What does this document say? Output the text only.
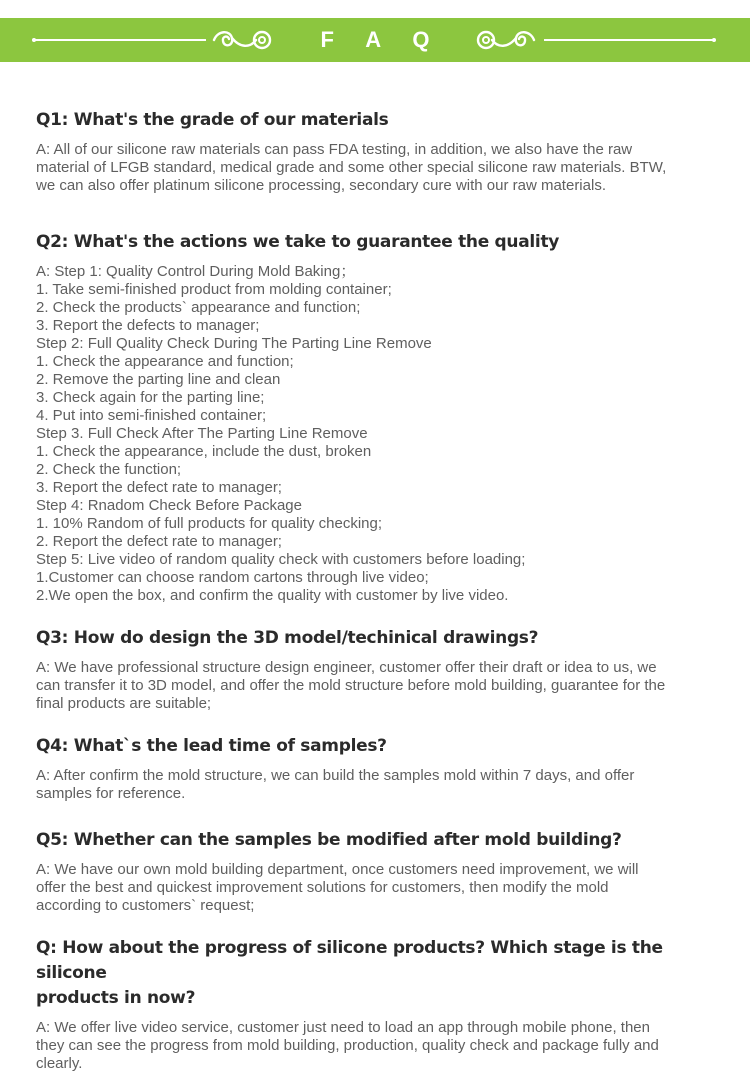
F A Q
Q1: What's the grade of our materials
A: All of our silicone raw materials can pass FDA testing, in addition, we also have the raw
material of LFGB standard, medical grade and some other special silicone raw materials. BTW,
we can also offer platinum silicone processing, secondary cure with our raw materials.
Q2: What's the actions we take to guarantee the quality
A: Step 1: Quality Control During Mold Baking；
1. Take semi-finished product from molding container;
2. Check the products` appearance and function;
3. Report the defects to manager;
Step 2: Full Quality Check During The Parting Line Remove
1. Check the appearance and function;
2. Remove the parting line and clean
3. Check again for the parting line;
4. Put into semi-finished container;
Step 3. Full Check After The Parting Line Remove
1. Check the appearance, include the dust, broken
2. Check the function;
3. Report the defect rate to manager;
Step 4: Rnadom Check Before Package
1. 10% Random of full products for quality checking;
2. Report the defect rate to manager;
Step 5: Live video of random quality check with customers before loading;
1.Customer can choose random cartons through live video;
2.We open the box, and confirm the quality with customer by live video.
Q3: How do design the 3D model/techinical drawings?
A: We have professional structure design engineer, customer offer their draft or idea to us, we
can transfer it to 3D model, and offer the mold structure before mold building, guarantee for the
final products are suitable;
Q4: What`s the lead time of samples?
A: After confirm the mold structure, we can build the samples mold within 7 days, and offer
samples for reference.
Q5: Whether can the samples be modified after mold building?
A: We have our own mold building department, once customers need improvement, we will
offer the best and quickest improvement solutions for customers, then modify the mold
according to customers` request;
Q: How about the progress of silicone products? Which stage is the silicone
products in now?
A: We offer live video service, customer just need to load an app through mobile phone, then
they can see the progress from mold building, production, quality check and package fully and
clearly.
